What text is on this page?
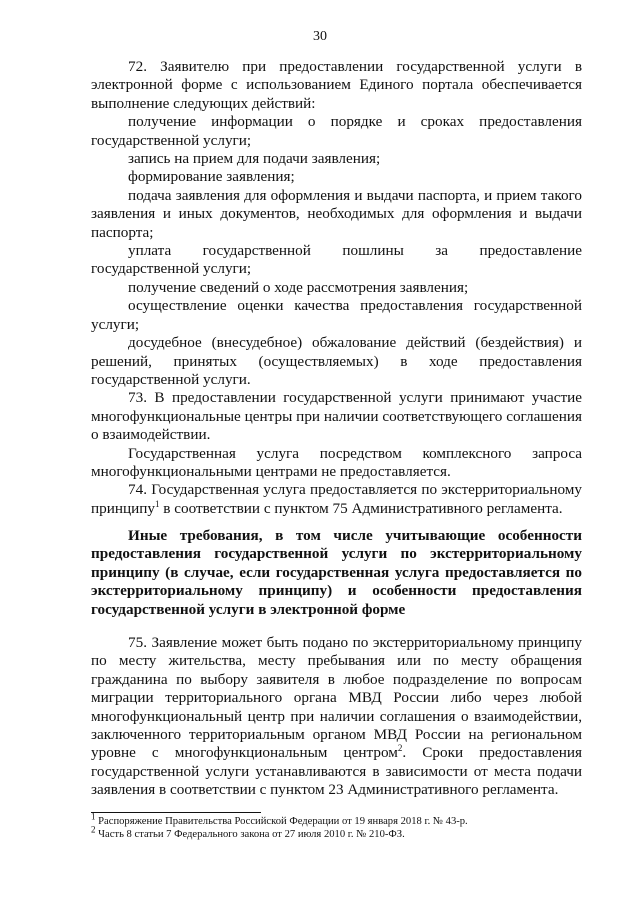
30

72. Заявителю при предоставлении государственной услуги в электронной форме с использованием Единого портала обеспечивается выполнение следующих действий:

получение информации о порядке и сроках предоставления государственной услуги;

запись на прием для подачи заявления;

формирование заявления;

подача заявления для оформления и выдачи паспорта, и прием такого заявления и иных документов, необходимых для оформления и выдачи паспорта;

уплата государственной пошлины за предоставление государственной услуги;

получение сведений о ходе рассмотрения заявления;

осуществление оценки качества предоставления государственной услуги;

досудебное (внесудебное) обжалование действий (бездействия) и решений, принятых (осуществляемых) в ходе предоставления государственной услуги.

73. В предоставлении государственной услуги принимают участие многофункциональные центры при наличии соответствующего соглашения о взаимодействии.

Государственная услуга посредством комплексного запроса многофункциональными центрами не предоставляется.

74. Государственная услуга предоставляется по экстерриториальному принципу$^1$ в соответствии с пунктом 75 Административного регламента.

Иные требования, в том числе учитывающие особенности предоставления государственной услуги по экстерриториальному принципу (в случае, если государственная услуга предоставляется по экстерриториальному принципу) и особенности предоставления государственной услуги в электронной форме

75. Заявление может быть подано по экстерриториальному принципу по месту жительства, месту пребывания или по месту обращения гражданина по выбору заявителя в любое подразделение по вопросам миграции территориального органа МВД России либо через любой многофункциональный центр при наличии соглашения о взаимодействии, заключенного территориальным органом МВД России на региональном уровне с многофункциональным центром$^2$. Сроки предоставления государственной услуги устанавливаются в зависимости от места подачи заявления в соответствии с пунктом 23 Административного регламента.

$^1$ Распоряжение Правительства Российской Федерации от 19 января 2018 г. № 43-р.

$^2$ Часть 8 статьи 7 Федерального закона от 27 июля 2010 г. № 210-ФЗ.
